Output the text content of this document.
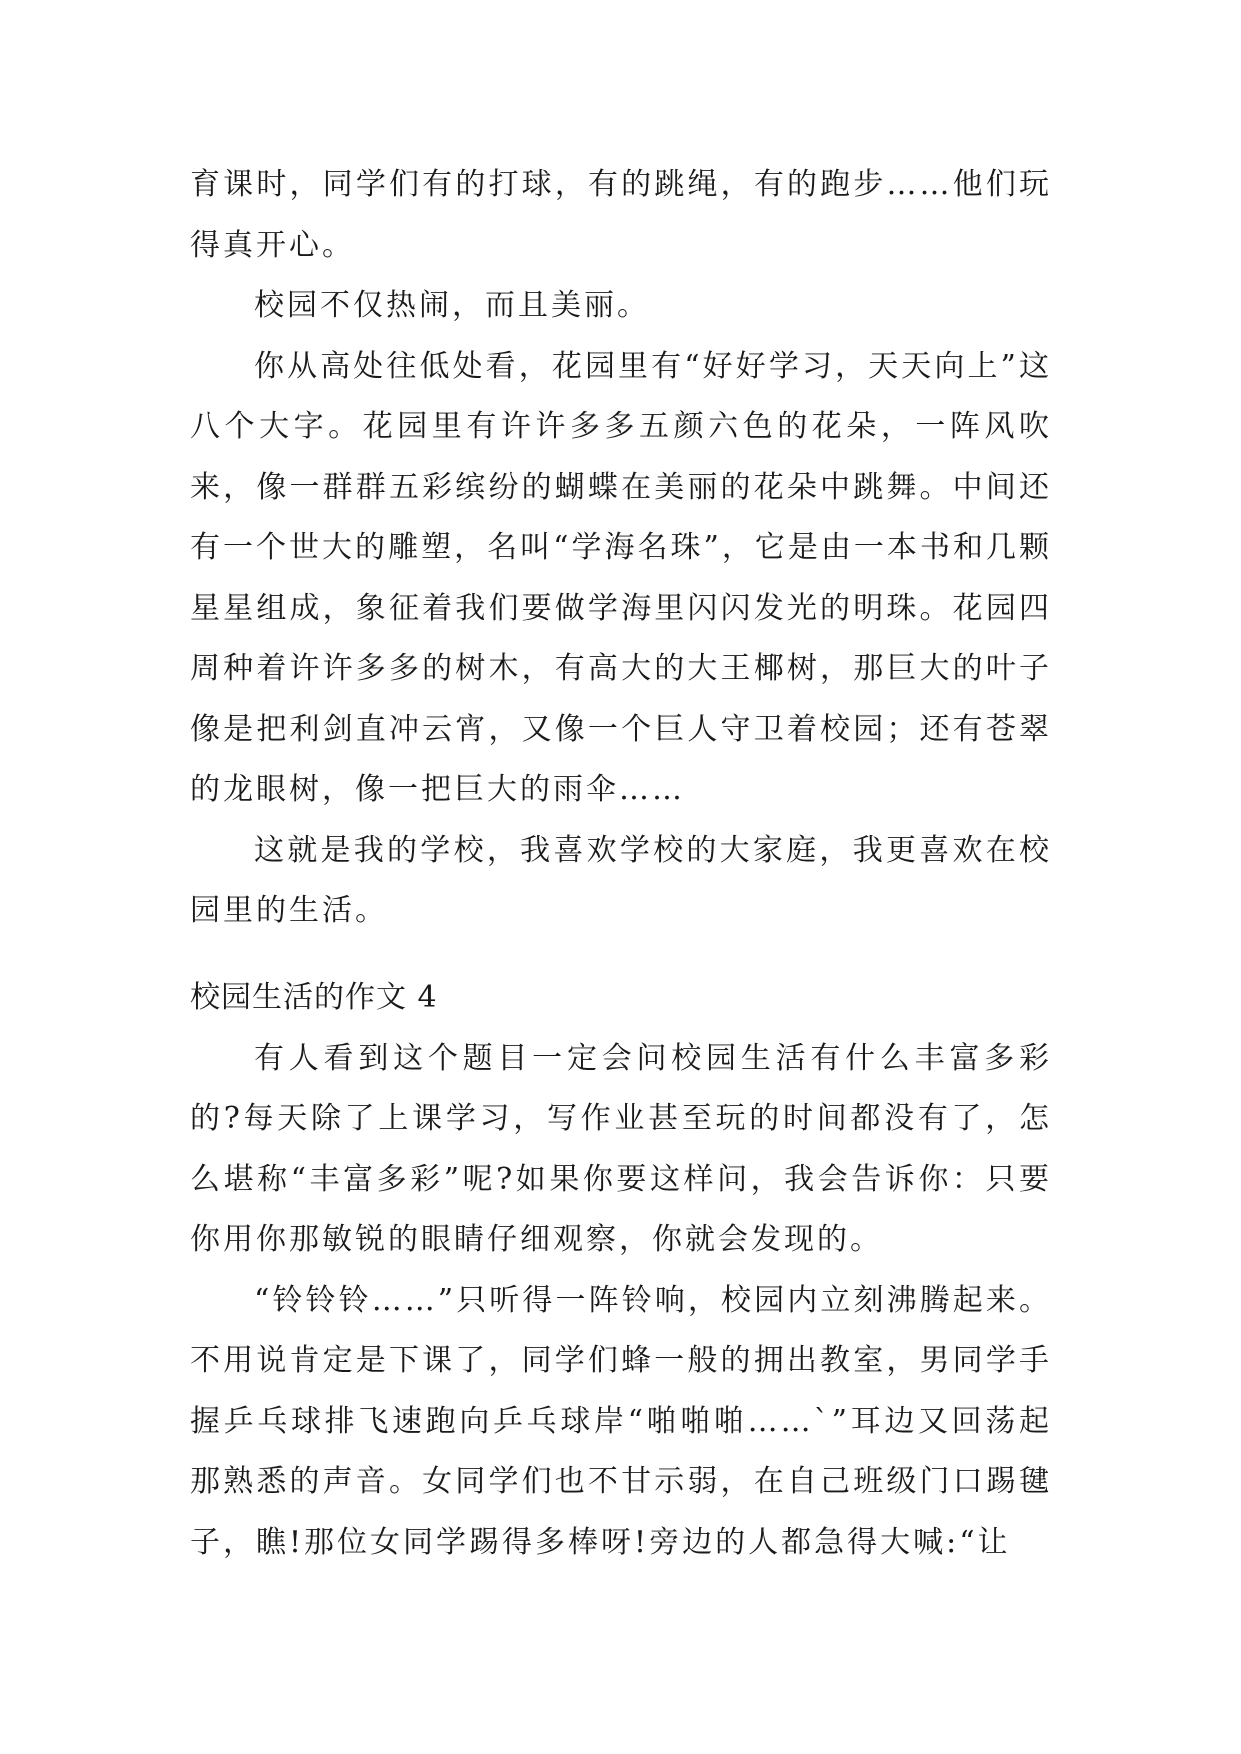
育课时，同学们有的打球，有的跳绳，有的跑步……他们玩得真开心。

校园不仅热闹，而且美丽。

你从高处往低处看，花园里有“好好学习，天天向上”这八个大字。花园里有许许多多五颜六色的花朵，一阵风吹来，像一群群五彩缤纷的蝴蝶在美丽的花朵中跳舞。中间还有一个世大的雕塑，名叫“学海名珠”，它是由一本书和几颗星星组成，象征着我们要做学海里闪闪发光的明珠。花园四周种着许许多多的树木，有高大的大王椰树，那巨大的叶子像是把利剑直冲云宵，又像一个巨人守卫着校园；还有苍翠的龙眼树，像一把巨大的雨伞……

这就是我的学校，我喜欢学校的大家庭，我更喜欢在校园里的生活。

校园生活的作文 4

有人看到这个题目一定会问校园生活有什么丰富多彩的?每天除了上课学习，写作业甚至玩的时间都没有了，怎么堪称“丰富多彩”呢?如果你要这样问，我会告诉你：只要你用你那敏锐的眼睛仔细观察，你就会发现的。

“铃铃铃……”只听得一阵铃响，校园内立刻沸腾起来。不用说肯定是下课了，同学们蜂一般的拥出教室，男同学手握乒乓球排飞速跑向乒乓球岸“啪啪啪……`”耳边又回荡起那熟悉的声音。女同学们也不甘示弱，在自己班级门口踢毽子，瞧!那位女同学踢得多棒呀!旁边的人都急得大喊:“让
